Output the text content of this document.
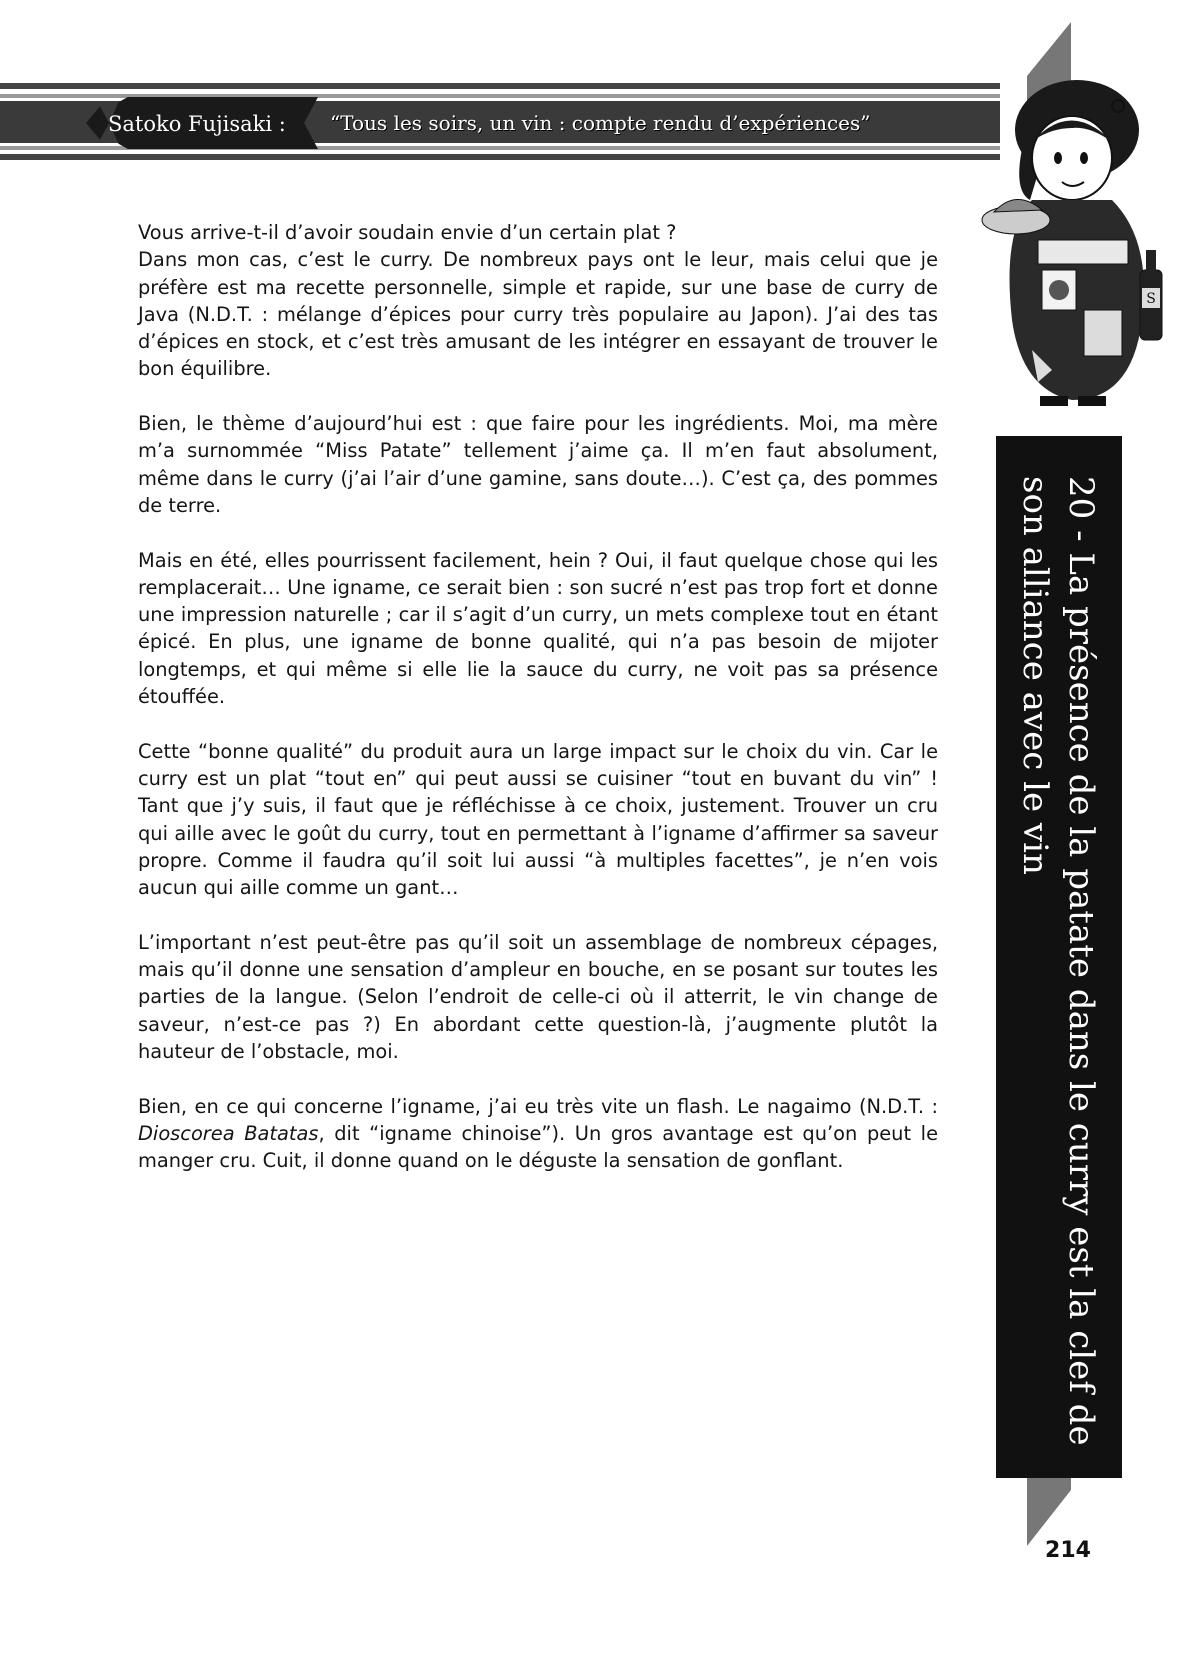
Satoko Fujisaki :	“Tous les soirs, un vin : compte rendu d’expériences”
S
20 - La présence de la patate dans le curry est la clef de son alliance avec le vin

Vous arrive-t-il d’avoir soudain envie d’un certain plat ?

Dans mon cas, c’est le curry. De nombreux pays ont le leur, mais celui que je préfère est ma recette personnelle, simple et rapide, sur une base de curry de Java (N.D.T. : mélange d’épices pour curry très populaire au Japon). J’ai des tas d’épices en stock, et c’est très amusant de les intégrer en essayant de trouver le bon équilibre.

Bien, le thème d’aujourd’hui est : que faire pour les ingrédients. Moi, ma mère m’a surnommée “Miss Patate” tellement j’aime ça. Il m’en faut absolument, même dans le curry (j’ai l’air d’une gamine, sans doute…). C’est ça, des pommes de terre.

Mais en été, elles pourrissent facilement, hein ? Oui, il faut quelque chose qui les remplacerait… Une igname, ce serait bien : son sucré n’est pas trop fort et donne une impression naturelle ; car il s’agit d’un curry, un mets complexe tout en étant épicé. En plus, une igname de bonne qualité, qui n’a pas besoin de mijoter longtemps, et qui même si elle lie la sauce du curry, ne voit pas sa présence étouffée.

Cette “bonne qualité” du produit aura un large impact sur le choix du vin. Car le curry est un plat “tout en” qui peut aussi se cuisiner “tout en buvant du vin” ! Tant que j’y suis, il faut que je réfléchisse à ce choix, justement. Trouver un cru qui aille avec le goût du curry, tout en permettant à l’igname d’affirmer sa saveur propre. Comme il faudra qu’il soit lui aussi “à multiples facettes”, je n’en vois aucun qui aille comme un gant…

L’important n’est peut-être pas qu’il soit un assemblage de nombreux cépages, mais qu’il donne une sensation d’ampleur en bouche, en se posant sur toutes les parties de la langue. (Selon l’endroit de celle-ci où il atterrit, le vin change de saveur, n’est-ce pas ?) En abordant cette question-là, j’augmente plutôt la hauteur de l’obstacle, moi.

Bien, en ce qui concerne l’igname, j’ai eu très vite un flash. Le nagaimo (N.D.T. : Dioscorea Batatas, dit “igname chinoise”). Un gros avantage est qu’on peut le manger cru. Cuit, il donne quand on le déguste la sensation de gonflant.

214
